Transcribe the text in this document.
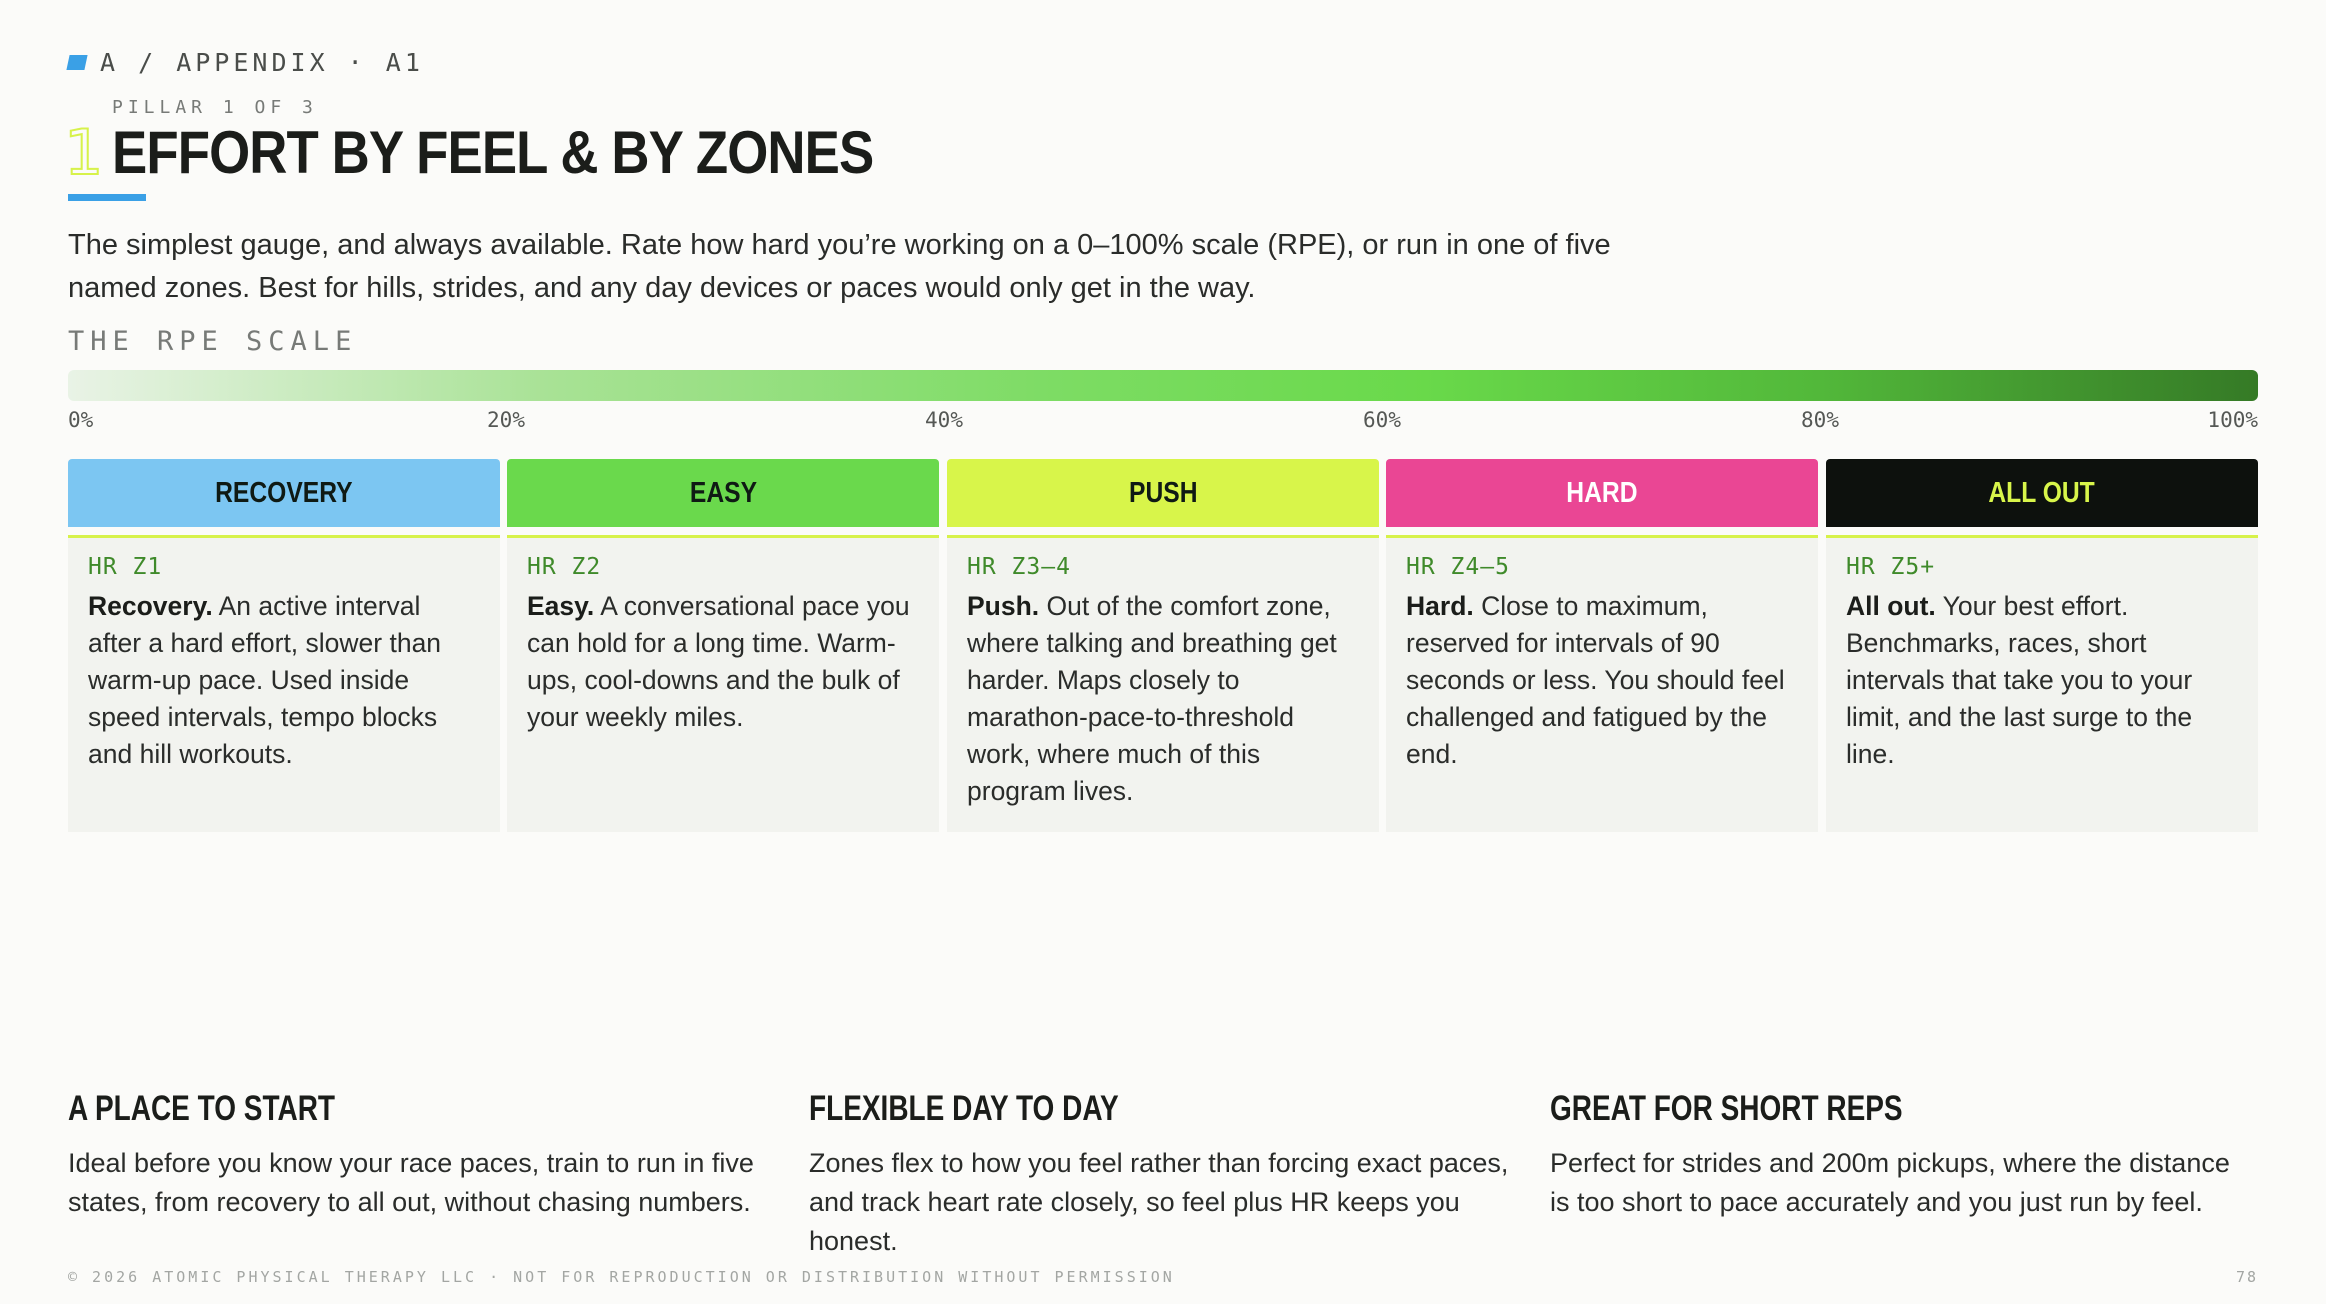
A / APPENDIX · A1
PILLAR 1 OF 3
1 EFFORT BY FEEL & BY ZONES
The simplest gauge, and always available. Rate how hard you’re working on a 0–100% scale (RPE), or run in one of five named zones. Best for hills, strides, and any day devices or paces would only get in the way.
THE RPE SCALE
0%	20%	40%	60%	80%	100%
RECOVERY
HR Z1
Recovery. An active interval after a hard effort, slower than warm-up pace. Used inside speed intervals, tempo blocks and hill workouts.
EASY
HR Z2
Easy. A conversational pace you can hold for a long time. Warm-ups, cool-downs and the bulk of your weekly miles.
PUSH
HR Z3–4
Push. Out of the comfort zone, where talking and breathing get harder. Maps closely to marathon-pace-to-threshold work, where much of this program lives.
HARD
HR Z4–5
Hard. Close to maximum, reserved for intervals of 90 seconds or less. You should feel challenged and fatigued by the end.
ALL OUT
HR Z5+
All out. Your best effort. Benchmarks, races, short intervals that take you to your limit, and the last surge to the line.
A PLACE TO START
Ideal before you know your race paces, train to run in five states, from recovery to all out, without chasing numbers.
FLEXIBLE DAY TO DAY
Zones flex to how you feel rather than forcing exact paces, and track heart rate closely, so feel plus HR keeps you honest.
GREAT FOR SHORT REPS
Perfect for strides and 200m pickups, where the distance is too short to pace accurately and you just run by feel.
© 2026 ATOMIC PHYSICAL THERAPY LLC · NOT FOR REPRODUCTION OR DISTRIBUTION WITHOUT PERMISSION	78
